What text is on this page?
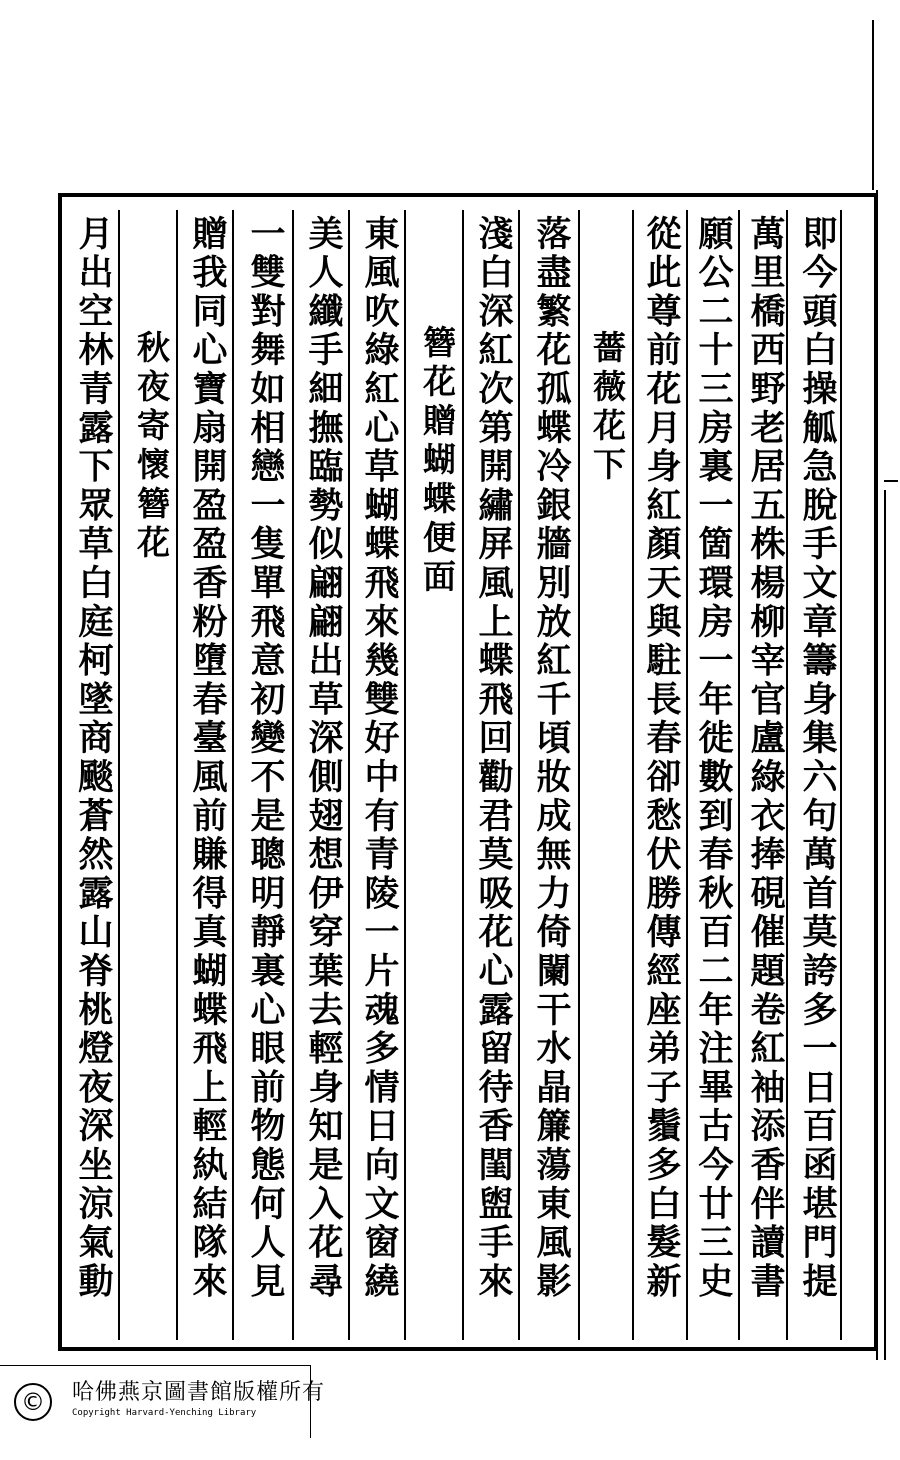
即今頭白操觚急脫手文章籌身集六句萬首莫誇多一日百函堪門提
萬里橋西野老居五株楊柳宰官盧綠衣捧硯催題卷紅袖添香伴讀書
願公二十三房裏一箇環房一年徙數到春秋百二年注畢古今廿三史
從此尊前花月身紅顏天與駐長春卻愁伏勝傳經座弟子鬚多白髮新
薔薇花下
落盡繁花孤蝶冷銀牆別放紅千頃妝成無力倚闌干水晶簾蕩東風影
淺白深紅次第開繡屏風上蝶飛回勸君莫吸花心露留待香閨盥手來
簪花贈蝴蝶便面
東風吹綠紅心草蝴蝶飛來幾雙好中有青陵一片魂多情日向文窗繞
美人纖手細撫臨勢似翩翩出草深側翅想伊穿葉去輕身知是入花尋
一雙對舞如相戀一隻單飛意初變不是聰明靜裏心眼前物態何人見
贈我同心寶扇開盈盈香粉墮春臺風前賺得真蝴蝶飛上輕紈結隊來
秋夜寄懷簪花
月出空林青露下眾草白庭柯墜商颷蒼然露山脊桃燈夜深坐涼氣動
©	哈佛燕京圖書館版權所有
Copyright Harvard-Yenching Library
